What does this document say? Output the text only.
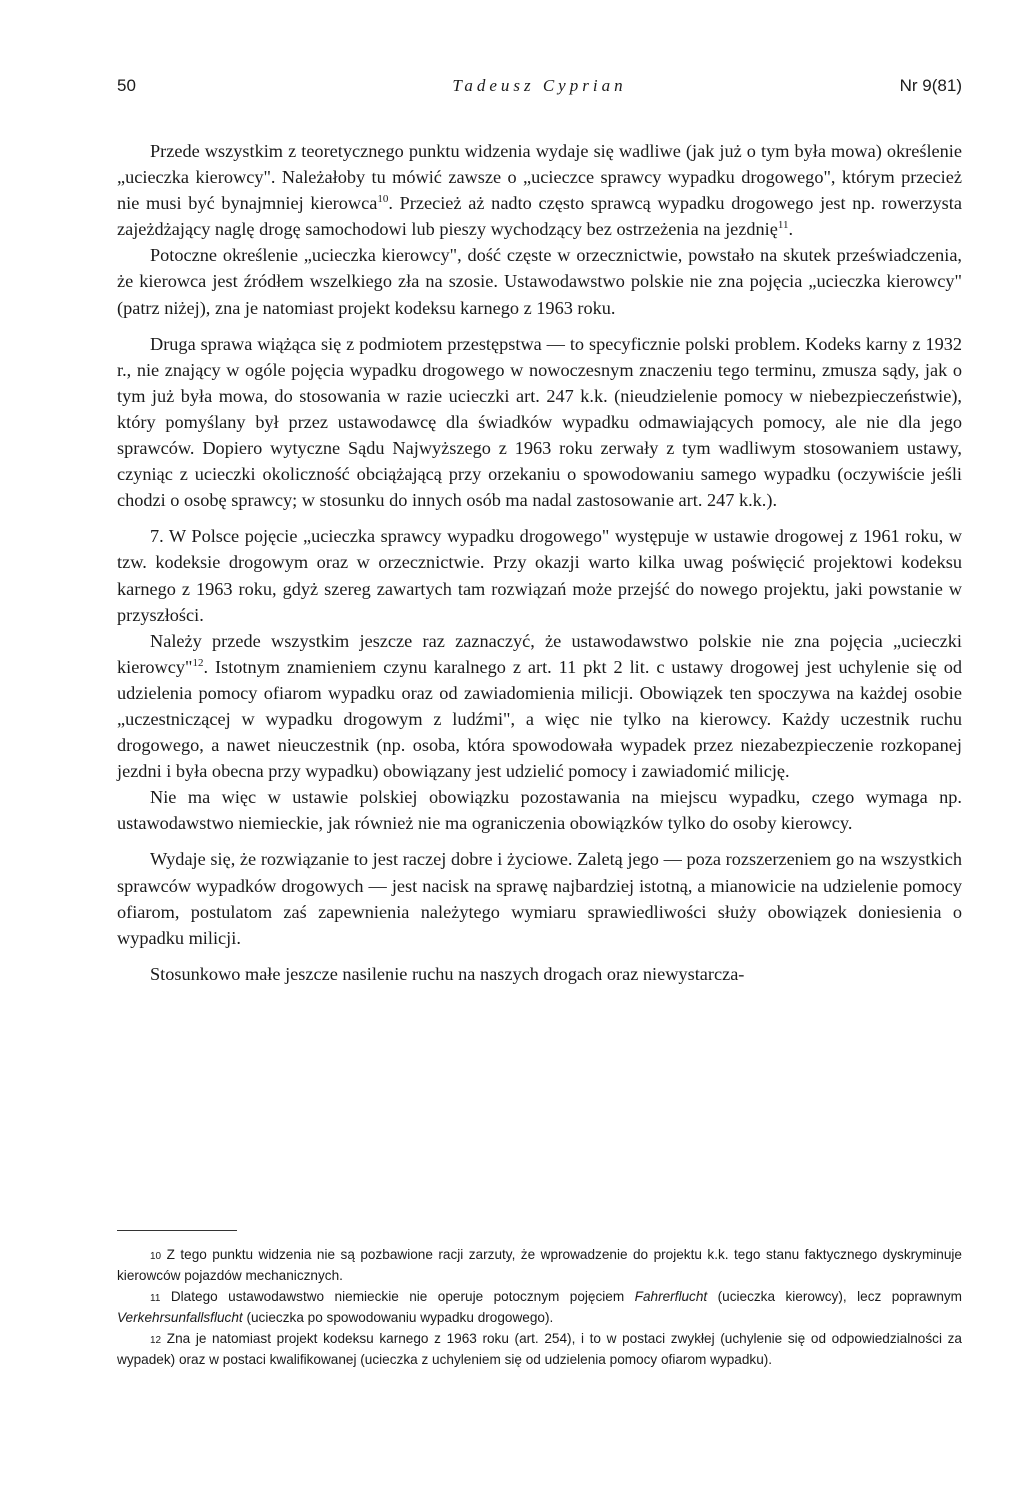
50	Tadeusz Cyprian	Nr 9(81)

Przede wszystkim z teoretycznego punktu widzenia wydaje się wadliwe (jak już o tym była mowa) określenie „ucieczka kierowcy". Należałoby tu mówić zawsze o „ucieczce sprawcy wypadku drogowego", którym przecież nie musi być bynajmniej kierowca$^{10}$. Przecież aż nadto często sprawcą wypadku drogowego jest np. rowerzysta zajeżdżający naglę drogę samochodowi lub pieszy wychodzący bez ostrzeżenia na jezdnię$^{11}$.

Potoczne określenie „ucieczka kierowcy", dość częste w orzecznictwie, powstało na skutek przeświadczenia, że kierowca jest źródłem wszelkiego zła na szosie. Ustawodawstwo polskie nie zna pojęcia „ucieczka kierowcy" (patrz niżej), zna je natomiast projekt kodeksu karnego z 1963 roku.

Druga sprawa wiążąca się z podmiotem przestępstwa — to specyficznie polski problem. Kodeks karny z 1932 r., nie znający w ogóle pojęcia wypadku drogowego w nowoczesnym znaczeniu tego terminu, zmusza sądy, jak o tym już była mowa, do stosowania w razie ucieczki art. 247 k.k. (nieudzielenie pomocy w niebezpieczeństwie), który pomyślany był przez ustawodawcę dla świadków wypadku odmawiających pomocy, ale nie dla jego sprawców. Dopiero wytyczne Sądu Najwyższego z 1963 roku zerwały z tym wadliwym stosowaniem ustawy, czyniąc z ucieczki okoliczność obciążającą przy orzekaniu o spowodowaniu samego wypadku (oczywiście jeśli chodzi o osobę sprawcy; w stosunku do innych osób ma nadal zastosowanie art. 247 k.k.).

7. W Polsce pojęcie „ucieczka sprawcy wypadku drogowego" występuje w ustawie drogowej z 1961 roku, w tzw. kodeksie drogowym oraz w orzecznictwie. Przy okazji warto kilka uwag poświęcić projektowi kodeksu karnego z 1963 roku, gdyż szereg zawartych tam rozwiązań może przejść do nowego projektu, jaki powstanie w przyszłości.

Należy przede wszystkim jeszcze raz zaznaczyć, że ustawodawstwo polskie nie zna pojęcia „ucieczki kierowcy"$^{12}$. Istotnym znamieniem czynu karalnego z art. 11 pkt 2 lit. c ustawy drogowej jest uchylenie się od udzielenia pomocy ofiarom wypadku oraz od zawiadomienia milicji. Obowiązek ten spoczywa na każdej osobie „uczestniczącej w wypadku drogowym z ludźmi", a więc nie tylko na kierowcy. Każdy uczestnik ruchu drogowego, a nawet nieuczestnik (np. osoba, która spowodowała wypadek przez niezabezpieczenie rozkopanej jezdni i była obecna przy wypadku) obowiązany jest udzielić pomocy i zawiadomić milicję.

Nie ma więc w ustawie polskiej obowiązku pozostawania na miejscu wypadku, czego wymaga np. ustawodawstwo niemieckie, jak również nie ma ograniczenia obowiązków tylko do osoby kierowcy.

Wydaje się, że rozwiązanie to jest raczej dobre i życiowe. Zaletą jego — poza rozszerzeniem go na wszystkich sprawców wypadków drogowych — jest nacisk na sprawę najbardziej istotną, a mianowicie na udzielenie pomocy ofiarom, postulatom zaś zapewnienia należytego wymiaru sprawiedliwości służy obowiązek doniesienia o wypadku milicji.

Stosunkowo małe jeszcze nasilenie ruchu na naszych drogach oraz niewystarcza-

10 Z tego punktu widzenia nie są pozbawione racji zarzuty, że wprowadzenie do projektu k.k. tego stanu faktycznego dyskryminuje kierowców pojazdów mechanicznych.

11 Dlatego ustawodawstwo niemieckie nie operuje potocznym pojęciem Fahrerflucht (ucieczka kierowcy), lecz poprawnym Verkehrsunfallsflucht (ucieczka po spowodowaniu wypadku drogowego).

12 Zna je natomiast projekt kodeksu karnego z 1963 roku (art. 254), i to w postaci zwykłej (uchylenie się od odpowiedzialności za wypadek) oraz w postaci kwalifikowanej (ucieczka z uchyleniem się od udzielenia pomocy ofiarom wypadku).
